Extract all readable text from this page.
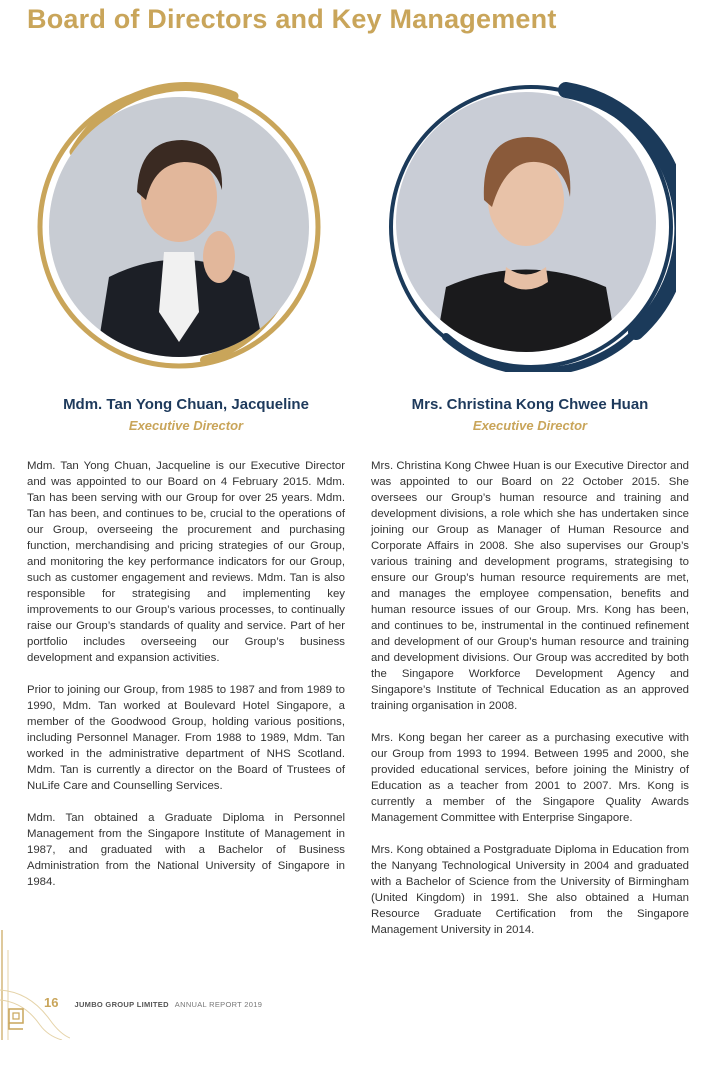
Board of Directors and Key Management
Mdm. Tan Yong Chuan, Jacqueline
Executive Director
Mrs. Christina Kong Chwee Huan
Executive Director

Mdm. Tan Yong Chuan, Jacqueline is our Executive Director and was appointed to our Board on 4 February 2015. Mdm. Tan has been serving with our Group for over 25 years. Mdm. Tan has been, and continues to be, crucial to the operations of our Group, overseeing the procurement and purchasing function, merchandising and pricing strategies of our Group, and monitoring the key performance indicators for our Group, such as customer engagement and reviews. Mdm. Tan is also responsible for strategising and implementing key improvements to our Group’s various processes, to continually raise our Group’s standards of quality and service. Part of her portfolio includes overseeing our Group’s business development and expansion activities.

Prior to joining our Group, from 1985 to 1987 and from 1989 to 1990, Mdm. Tan worked at Boulevard Hotel Singapore, a member of the Goodwood Group, holding various positions, including Personnel Manager. From 1988 to 1989, Mdm. Tan worked in the administrative department of NHS Scotland. Mdm. Tan is currently a director on the Board of Trustees of NuLife Care and Counselling Services.

Mdm. Tan obtained a Graduate Diploma in Personnel Management from the Singapore Institute of Management in 1987, and graduated with a Bachelor of Business Administration from the National University of Singapore in 1984.

Mrs. Christina Kong Chwee Huan is our Executive Director and was appointed to our Board on 22 October 2015. She oversees our Group’s human resource and training and development divisions, a role which she has undertaken since joining our Group as Manager of Human Resource and Corporate Affairs in 2008. She also supervises our Group’s various training and development programs, strategising to ensure our Group’s human resource requirements are met, and manages the employee compensation, benefits and human resource issues of our Group. Mrs. Kong has been, and continues to be, instrumental in the continued refinement and development of our Group’s human resource and training and development divisions. Our Group was accredited by both the Singapore Workforce Development Agency and Singapore’s Institute of Technical Education as an approved training organisation in 2008.

Mrs. Kong began her career as a purchasing executive with our Group from 1993 to 1994. Between 1995 and 2000, she provided educational services, before joining the Ministry of Education as a teacher from 2001 to 2007. Mrs. Kong is currently a member of the Singapore Quality Awards Management Committee with Enterprise Singapore.

Mrs. Kong obtained a Postgraduate Diploma in Education from the Nanyang Technological University in 2004 and graduated with a Bachelor of Science from the University of Birmingham (United Kingdom) in 1991. She also obtained a Human Resource Graduate Certification from the Singapore Management University in 2014.

16 JUMBO GROUP LIMITED ANNUAL REPORT 2019
